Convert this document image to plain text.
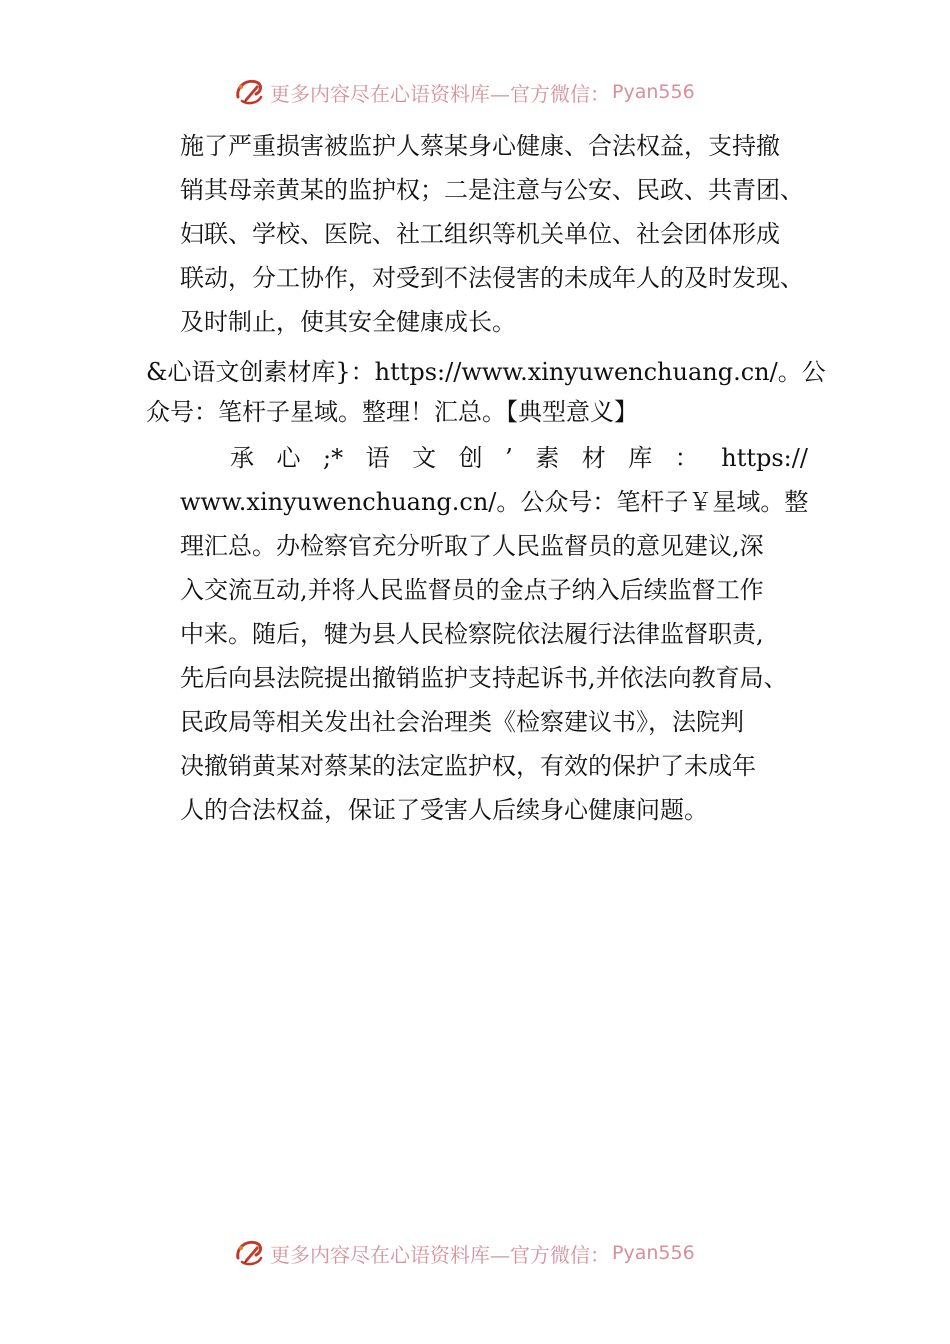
更多内容尽在心语资料库—官方微信： Pyan556
施了严重损害被监护人蔡某身心健康、合法权益，支持撤
销其母亲黄某的监护权；二是注意与公安、民政、共青团、
妇联、学校、医院、社工组织等机关单位、社会团体形成
联动，分工协作，对受到不法侵害的未成年人的及时发现、
及时制止，使其安全健康成长。
&心语文创素材库}：https://www.xinyuwenchuang.cn/。公
众号：笔杆子星域。整理！汇总。【典型意义】
承 心 ;* 语 文 创 ’ 素 材 库 ： https://
www.xinyuwenchuang.cn/。公众号：笔杆子￥星域。整
理汇总。办检察官充分听取了人民监督员的意见建议,深
入交流互动,并将人民监督员的金点子纳入后续监督工作
中来。随后，犍为县人民检察院依法履行法律监督职责,
先后向县法院提出撤销监护支持起诉书,并依法向教育局、
民政局等相关发出社会治理类《检察建议书》，法院判
决撤销黄某对蔡某的法定监护权，有效的保护了未成年
人的合法权益，保证了受害人后续身心健康问题。
更多内容尽在心语资料库—官方微信： Pyan556
